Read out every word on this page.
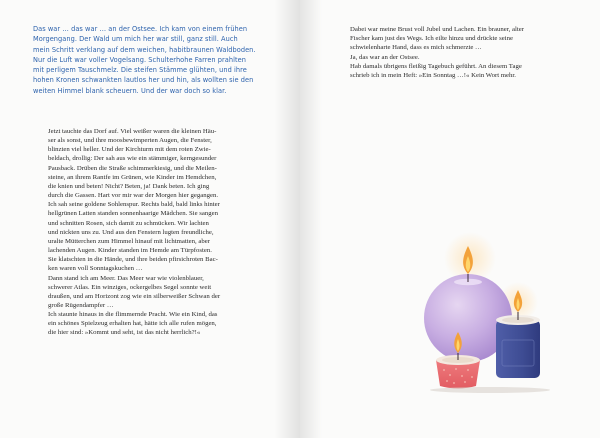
Das war … das war … an der Ostsee. Ich kam von einem frühen
Morgengang. Der Wald um mich her war still, ganz still. Auch
mein Schritt verklang auf dem weichen, habitbraunen Waldboden.
Nur die Luft war voller Vogelsang. Schulterhohe Farren prahlten
mit perligem Tauschmelz. Die steifen Stämme glühten, und ihre
hohen Kronen schwankten lautlos her und hin, als wollten sie den
weiten Himmel blank scheuern. Und der war doch so klar.
Jetzt tauchte das Dorf auf. Viel weißer waren die kleinen Häu-
ser als sonst, und ihre moosbewimperten Augen, die Fenster,
blinzten viel heller. Und der Kirchturm mit dem roten Zwie-
beldach, drollig: Der sah aus wie ein stämmiger, kerngesunder
Pausback. Drüben die Straße schimmerkiesig, und die Meilen-
steine, an ihrem Rantfe im Grünen, wie Kinder im Hemdchen,
die knien und beten! Nicht? Beten, ja! Dank beten. Ich ging
durch die Gassen. Hart vor mir war der Morgen hier gegangen.
Ich sah seine goldene Sohlenspur. Rechts bald, bald links hinter
hellgrünen Latten standen sonnenhaarige Mädchen. Sie sangen
und schnitten Rosen, sich damit zu schmücken. Wir lachten
und nickten uns zu. Und aus den Fenstern lugten freundliche,
uralte Mütterchen zum Himmel hinauf mit lichtmatten, aber
lachenden Augen. Kinder standen im Hemde am Türpfosten.
Sie klatschten in die Hände, und ihre beiden pfirsichroten Bac-
ken waren voll Sonntagskuchen …
Dann stand ich am Meer. Das Meer war wie violenblauer,
schwerer Atlas. Ein winziges, ockergelbes Segel sonnte weit
draußen, und am Horizont zog wie ein silberweißer Schwan der
große Rügendampfer …
Ich staunte hinaus in die flimmernde Pracht. Wie ein Kind, das
ein schönes Spielzeug erhalten hat, hätte ich alle rufen mögen,
die hier sind: »Kommt und seht, ist das nicht herrlich?!«
Dabei war meine Brust voll Jubel und Lachen. Ein brauner, alter
Fischer kam just des Wegs. Ich eilte hinzu und drückte seine
schwielenharte Hand, dass es mich schmerzte …
Ja, das war an der Ostsee.
Hab damals übrigens fleißig Tagebuch geführt. An diesem Tage
schrieb ich in mein Heft: »Ein Sonntag …!« Kein Wort mehr.
